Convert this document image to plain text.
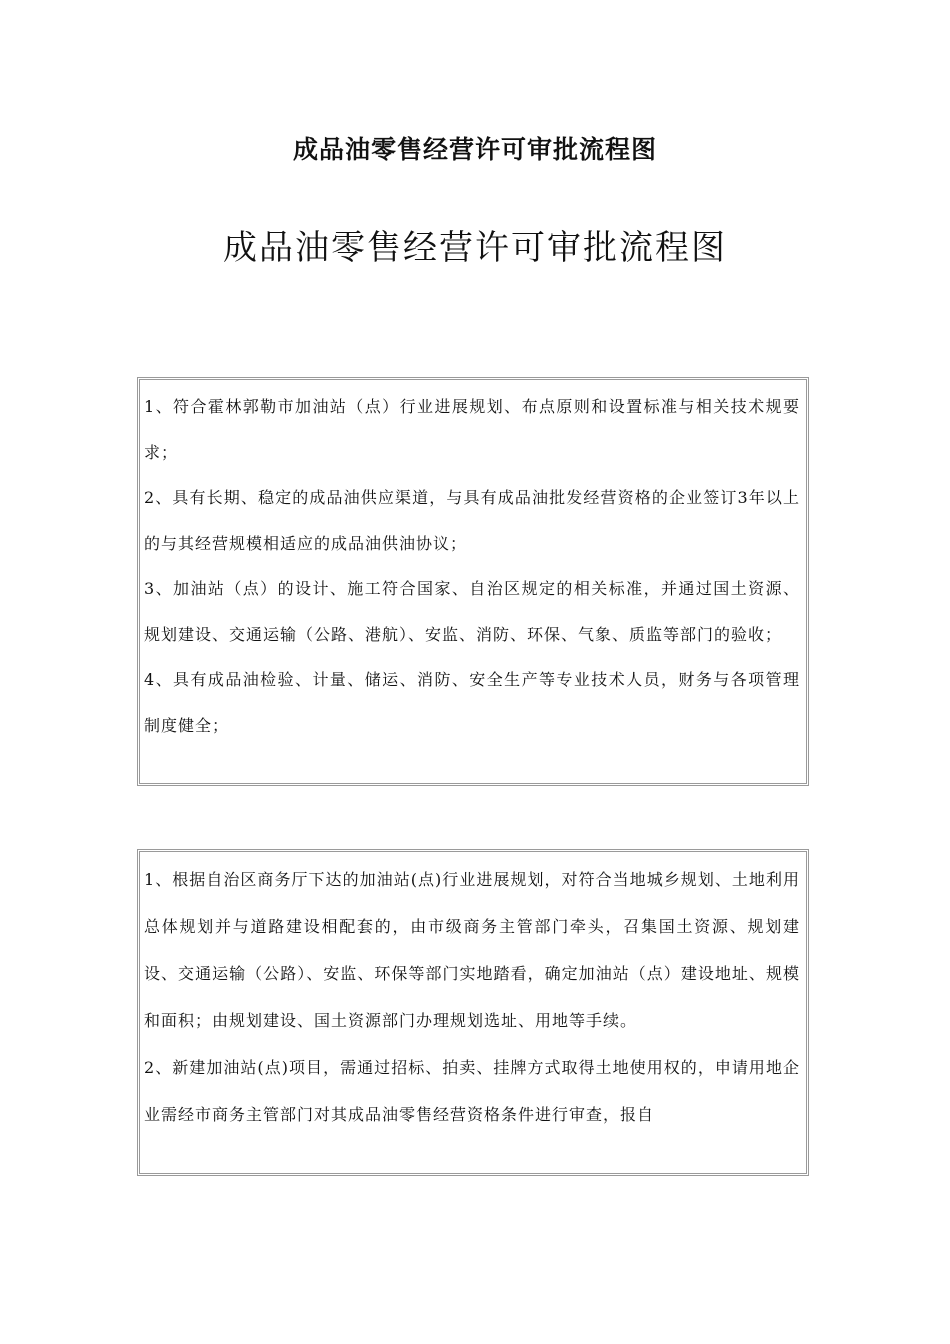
成品油零售经营许可审批流程图
成品油零售经营许可审批流程图

1、符合霍林郭勒市加油站（点）行业进展规划、布点原则和设置标准与相关技术规要求；

2、具有长期、稳定的成品油供应渠道，与具有成品油批发经营资格的企业签订3年以上的与其经营规模相适应的成品油供油协议；

3、加油站（点）的设计、施工符合国家、自治区规定的相关标准，并通过国土资源、规划建设、交通运输（公路、港航）、安监、消防、环保、气象、质监等部门的验收；

4、具有成品油检验、计量、储运、消防、安全生产等专业技术人员，财务与各项管理制度健全；

1、根据自治区商务厅下达的加油站(点)行业进展规划，对符合当地城乡规划、土地利用总体规划并与道路建设相配套的，由市级商务主管部门牵头，召集国土资源、规划建设、交通运输（公路）、安监、环保等部门实地踏看，确定加油站（点）建设地址、规模和面积；由规划建设、国土资源部门办理规划选址、用地等手续。

2、新建加油站(点)项目，需通过招标、拍卖、挂牌方式取得土地使用权的，申请用地企业需经市商务主管部门对其成品油零售经营资格条件进行审查，报自
